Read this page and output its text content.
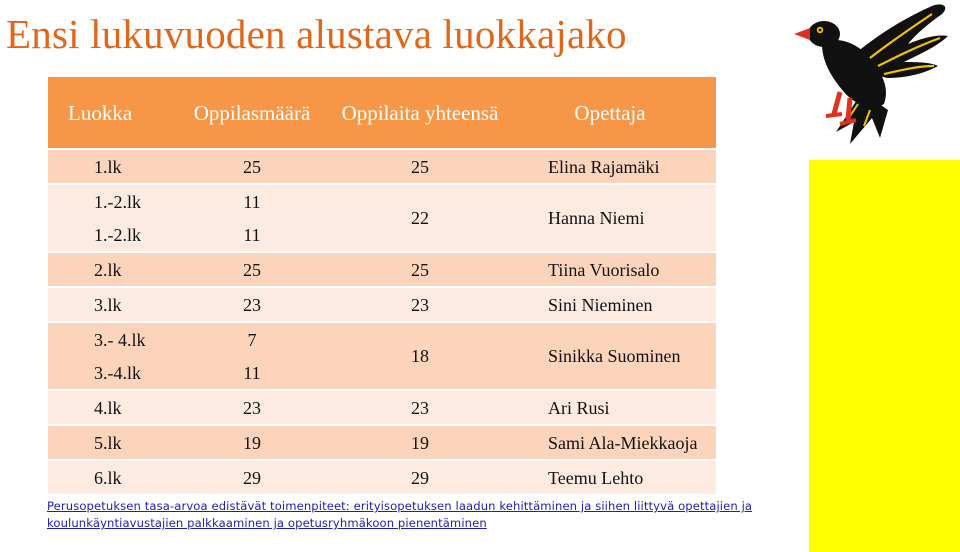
Ensi lukuvuoden alustava luokkajako
Luokka	Oppilasmäärä	Oppilaita yhteensä	Opettaja
1.lk	25	25	Elina Rajamäki
1.-2.lk	11	22	Hanna Niemi
1.-2.lk	11		
2.lk	25	25	Tiina Vuorisalo
3.lk	23	23	Sini Nieminen
3.- 4.lk	7	18	Sinikka Suominen
3.-4.lk	11		
4.lk	23	23	Ari Rusi
5.lk	19	19	Sami Ala-Miekkaoja
6.lk	29	29	Teemu Lehto

Perusopetuksen tasa-arvoa edistävät toimenpiteet: erityisopetuksen laadun kehittäminen ja siihen liittyvä opettajien ja koulunkäyntiavustajien palkkaaminen ja opetusryhmäkoon pienentäminen
